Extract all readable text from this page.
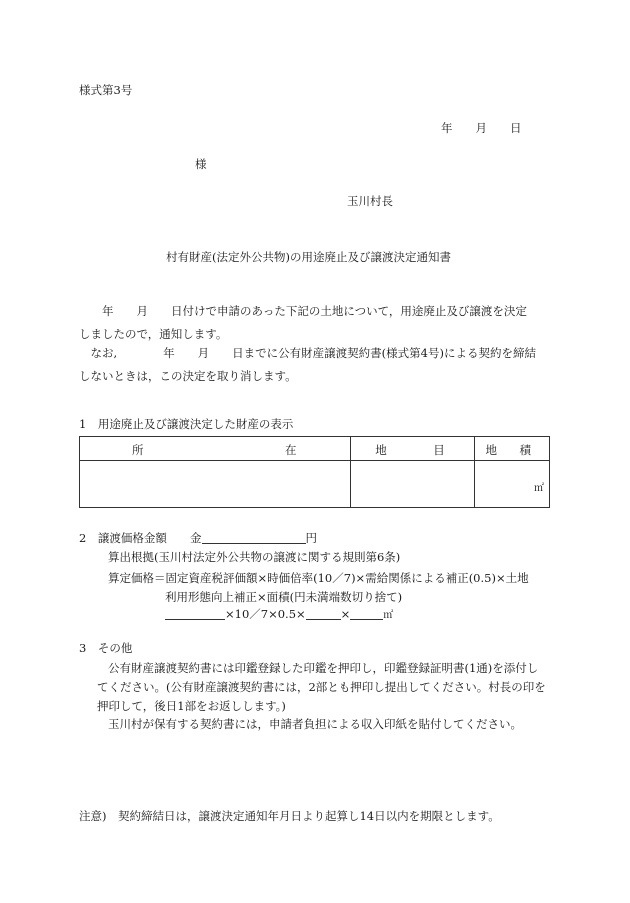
様式第3号
年　　月　　日
様
玉川村長
村有財産(法定外公共物)の用途廃止及び譲渡決定通知書
　　年　　月　　日付けで申請のあった下記の土地について，用途廃止及び譲渡を決定
しましたので，通知します。
　なお,　　　　年　　月　　日までに公有財産譲渡契約書(様式第4号)による契約を締結
しないときは，この決定を取り消します。
1　用途廃止及び譲渡決定した財産の表示
所 在	地 目	地 積

		㎡
2　譲渡価格金額 金	円
算出根拠(玉川村法定外公共物の譲渡に関する規則第6条)
算定価格＝固定資産税評価額×時価倍率(10／7)×需給関係による補正(0.5)×土地
利用形態向上補正×面積(円未満端数切り捨て)
×10／7×0.5×	×	㎡
3　その他
公有財産譲渡契約書には印鑑登録した印鑑を押印し，印鑑登録証明書(1通)を添付し
てください。(公有財産譲渡契約書には，2部とも押印し提出してください。村長の印を
押印して，後日1部をお返しします。)
玉川村が保有する契約書には，申請者負担による収入印紙を貼付してください。
注意)　契約締結日は，譲渡決定通知年月日より起算し14日以内を期限とします。
